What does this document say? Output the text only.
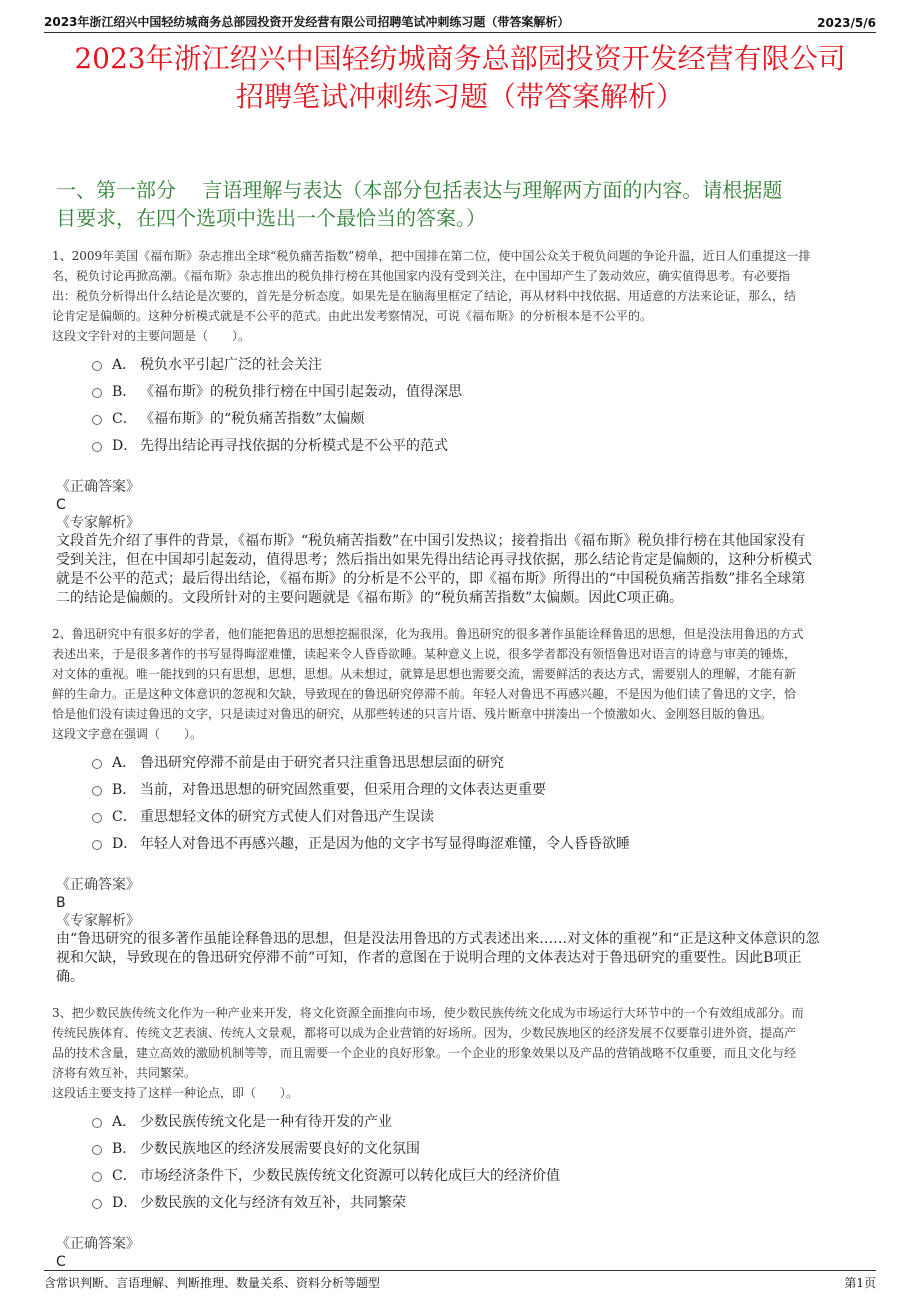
2023年浙江绍兴中国轻纺城商务总部园投资开发经营有限公司招聘笔试冲刺练习题（带答案解析）	2023/5/6
2023年浙江绍兴中国轻纺城商务总部园投资开发经营有限公司
招聘笔试冲刺练习题（带答案解析）
一、第一部分　 言语理解与表达（本部分包括表达与理解两方面的内容。请根据题
目要求，在四个选项中选出一个最恰当的答案。）
1、2009年美国《福布斯》杂志推出全球“税负痛苦指数”榜单，把中国排在第二位，使中国公众关于税负问题的争论升温，近日人们重提这一排
名，税负讨论再掀高潮。《福布斯》杂志推出的税负排行榜在其他国家内没有受到关注，在中国却产生了轰动效应，确实值得思考。有必要指
出：税负分析得出什么结论是次要的，首先是分析态度。如果先是在脑海里框定了结论，再从材料中找依据、用适意的方法来论证，那么，结
论肯定是偏颇的。这种分析模式就是不公平的范式。由此出发考察情况，可说《福布斯》的分析根本是不公平的。
这段文字针对的主要问题是（　　）。
A． 税负水平引起广泛的社会关注
B． 《福布斯》的税负排行榜在中国引起轰动，值得深思
C． 《福布斯》的“税负痛苦指数”太偏颇
D． 先得出结论再寻找依据的分析模式是不公平的范式
《正确答案》
C
《专家解析》
文段首先介绍了事件的背景，《福布斯》“税负痛苦指数”在中国引发热议；接着指出《福布斯》税负排行榜在其他国家没有
受到关注，但在中国却引起轰动，值得思考；然后指出如果先得出结论再寻找依据，那么结论肯定是偏颇的，这种分析模式
就是不公平的范式；最后得出结论，《福布斯》的分析是不公平的，即《福布斯》所得出的“中国税负痛苦指数”排名全球第
二的结论是偏颇的。文段所针对的主要问题就是《福布斯》的“税负痛苦指数”太偏颇。因此C项正确。
2、鲁迅研究中有很多好的学者，他们能把鲁迅的思想挖掘很深，化为我用。鲁迅研究的很多著作虽能诠释鲁迅的思想，但是没法用鲁迅的方式
表述出来，于是很多著作的书写显得晦涩难懂，读起来令人昏昏欲睡。某种意义上说，很多学者都没有领悟鲁迅对语言的诗意与审美的锤炼，
对文体的重视。唯一能找到的只有思想，思想，思想。从未想过，就算是思想也需要交流，需要鲜活的表达方式，需要别人的理解，才能有新
鲜的生命力。正是这种文体意识的忽视和欠缺，导致现在的鲁迅研究停滞不前。年轻人对鲁迅不再感兴趣，不是因为他们读了鲁迅的文字，恰
恰是他们没有读过鲁迅的文字，只是读过对鲁迅的研究，从那些转述的只言片语、残片断章中拼凑出一个愤激如火、金刚怒目版的鲁迅。
这段文字意在强调（　　）。
A． 鲁迅研究停滞不前是由于研究者只注重鲁迅思想层面的研究
B． 当前，对鲁迅思想的研究固然重要，但采用合理的文体表达更重要
C． 重思想轻文体的研究方式使人们对鲁迅产生误读
D． 年轻人对鲁迅不再感兴趣，正是因为他的文字书写显得晦涩难懂，令人昏昏欲睡
《正确答案》
B
《专家解析》
由“鲁迅研究的很多著作虽能诠释鲁迅的思想，但是没法用鲁迅的方式表述出来……对文体的重视”和“正是这种文体意识的忽
视和欠缺，导致现在的鲁迅研究停滞不前”可知，作者的意图在于说明合理的文体表达对于鲁迅研究的重要性。因此B项正
确。
3、把少数民族传统文化作为一种产业来开发，将文化资源全面推向市场，使少数民族传统文化成为市场运行大环节中的一个有效组成部分。而
传统民族体育、传统文艺表演、传统人文景观，都将可以成为企业营销的好场所。因为，少数民族地区的经济发展不仅要靠引进外资，提高产
品的技术含量，建立高效的激励机制等等，而且需要一个企业的良好形象。一个企业的形象效果以及产品的营销战略不仅重要，而且文化与经
济将有效互补，共同繁荣。
这段话主要支持了这样一种论点，即（　　）。
A． 少数民族传统文化是一种有待开发的产业
B． 少数民族地区的经济发展需要良好的文化氛围
C． 市场经济条件下，少数民族传统文化资源可以转化成巨大的经济价值
D． 少数民族的文化与经济有效互补，共同繁荣
《正确答案》
C
含常识判断、言语理解、判断推理、数量关系、资料分析等题型	第1页
